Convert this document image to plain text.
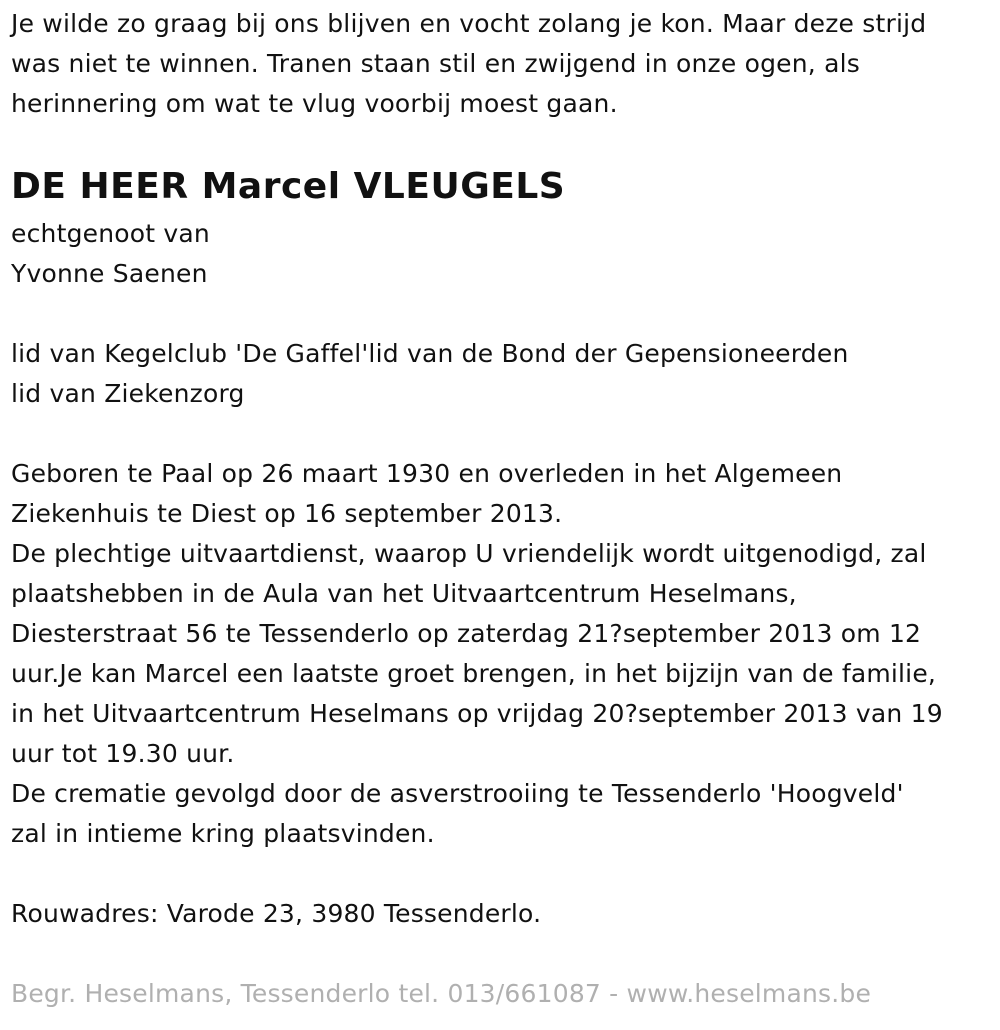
Je wilde zo graag bij ons blijven en vocht zolang je kon. Maar deze strijd
was niet te winnen. Tranen staan stil en zwijgend in onze ogen, als
herinnering om wat te vlug voorbij moest gaan.
DE HEER Marcel VLEUGELS
echtgenoot van
Yvonne Saenen
lid van Kegelclub 'De Gaffel'lid van de Bond der Gepensioneerden
lid van Ziekenzorg
Geboren te Paal op 26 maart 1930 en overleden in het Algemeen
Ziekenhuis te Diest op 16 september 2013.
De plechtige uitvaartdienst, waarop U vriendelijk wordt uitgenodigd, zal
plaatshebben in de Aula van het Uitvaartcentrum Heselmans,
Diesterstraat 56 te Tessenderlo op zaterdag 21?september 2013 om 12
uur.Je kan Marcel een laatste groet brengen, in het bijzijn van de familie,
in het Uitvaartcentrum Heselmans op vrijdag 20?september 2013 van 19
uur tot 19.30 uur.
De crematie gevolgd door de asverstrooiing te Tessenderlo 'Hoogveld'
zal in intieme kring plaatsvinden.
Rouwadres: Varode 23, 3980 Tessenderlo.
Begr. Heselmans, Tessenderlo tel. 013/661087 - www.heselmans.be
